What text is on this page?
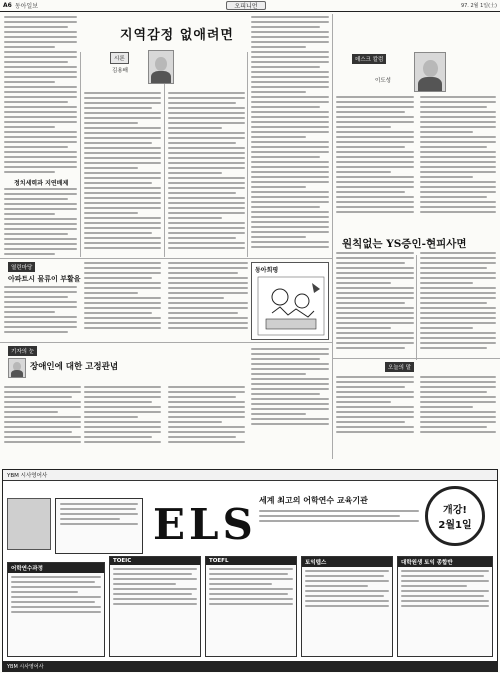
A6 동아일보	오피니언	97. 2월 1일(土)
정치세력과 지연배제
지역감정 없애려면
시론
김용배
데스크 칼럼
이도성
원칙없는 YS증인-현피사면
오늘의 말
열린마당
아파트시 물류이 부활을
동아희평
기자의 눈
장애인에 대한 고정관념
YBM 시사영어사
ELS 세계 최고의 어학연수 교육기관
개강!
2월1일
어학연수과정
TOEIC	TOEFL	토익텝스	대학원생 토익 종합반
YBM 시사영어사
